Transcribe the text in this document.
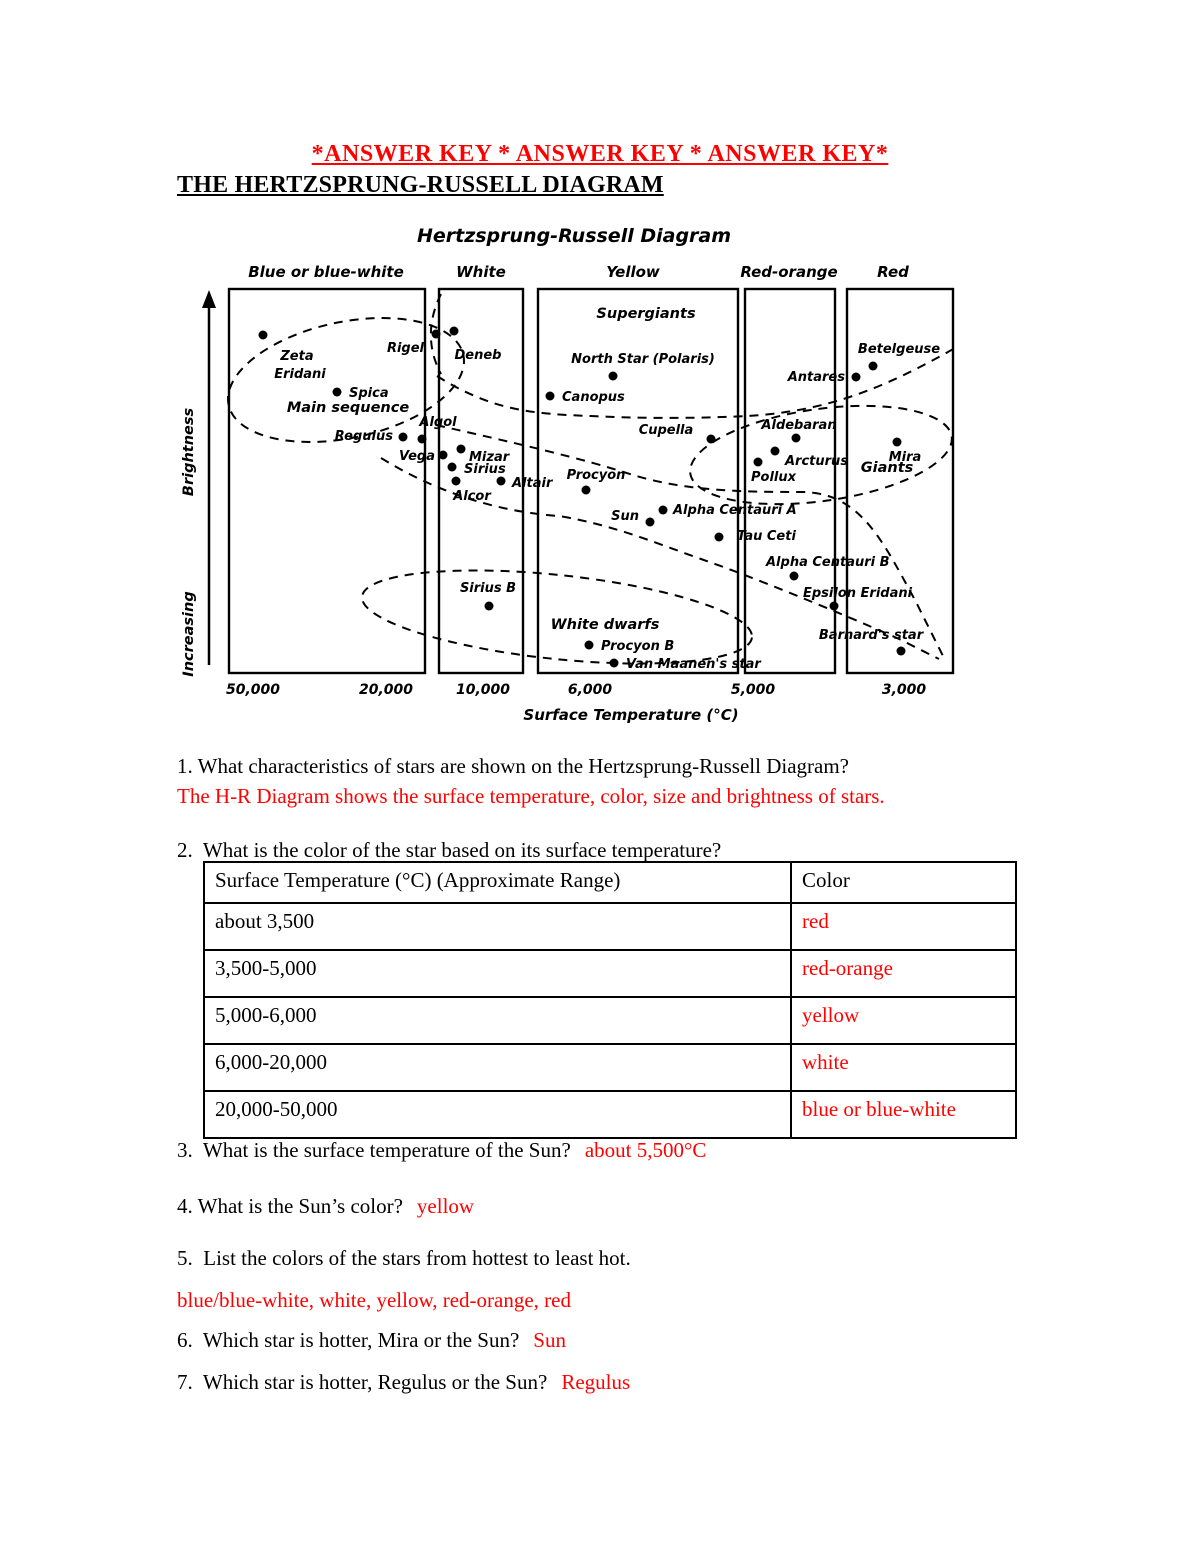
*ANSWER KEY * ANSWER KEY * ANSWER KEY*
THE HERTZSPRUNG-RUSSELL DIAGRAM
Hertzsprung-Russell Diagram
Blue or blue-white	White	Yellow	Red-orange	Red
Supergiants
Main sequence
Giants
White dwarfs
Zeta
Eridani
Rigel Deneb
Spica
Regulus
Algol
Vega	Mizar
Sirius
Alcor
Altair
North Star (Polaris)
Canopus
Cupella	Aldebaran
Arcturus
Pollux
Antares
Betelgeuse
Mira
Procyon
Sun	Alpha Centauri A
Tau Ceti
Alpha Centauri B
Epsilon Eridani
Barnard's star
Sirius B
Procyon B
Van Maanen's star
Brightness
Increasing
50,000	20,000	10,000	6,000	5,000	3,000
Surface Temperature (°C)
1. What characteristics of stars are shown on the Hertzsprung-Russell Diagram?
The H-R Diagram shows the surface temperature, color, size and brightness of stars.
2.  What is the color of the star based on its surface temperature?
Surface Temperature (°C) (Approximate Range)	Color
about 3,500	red
3,500-5,000	red-orange
5,000-6,000	yellow
6,000-20,000	white
20,000-50,000	blue or blue-white
3.  What is the surface temperature of the Sun? about 5,500°C
4. What is the Sun’s color? yellow
5.  List the colors of the stars from hottest to least hot.
blue/blue-white, white, yellow, red-orange, red
6.  Which star is hotter, Mira or the Sun? Sun
7.  Which star is hotter, Regulus or the Sun? Regulus
